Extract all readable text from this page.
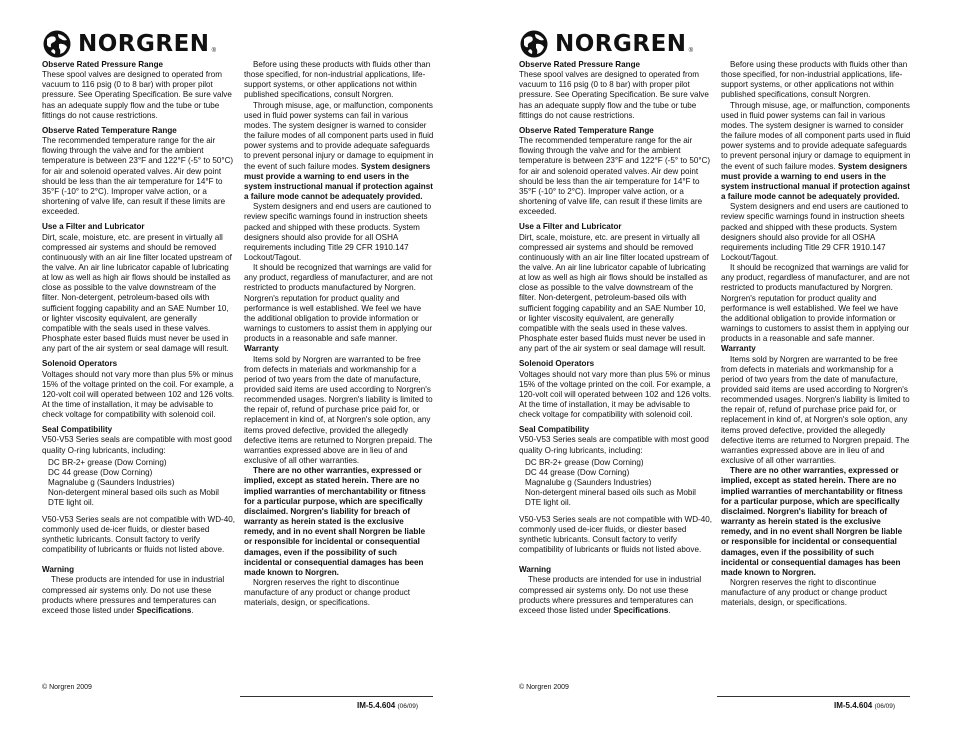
NORGREN ®
Observe Rated Pressure Range
These spool valves are designed to operated from vacuum to 116 psig (0 to 8 bar) with proper pilot pressure. See Operating Specification. Be sure valve has an adequate supply flow and the tube or tube fittings do not cause restrictions.
Observe Rated Temperature Range
The recommended temperature range for the air flowing through the valve and for the ambient temperature is between 23°F and 122°F (-5° to 50°C) for air and solenoid operated valves. Air dew point should be less than the air temperature for 14°F to 35°F (-10° to 2°C). Improper valve action, or a shortening of valve life, can result if these limits are exceeded.
Use a Filter and Lubricator
Dirt, scale, moisture, etc. are present in virtually all compressed air systems and should be removed continuously with an air line filter located upstream of the valve. An air line lubricator capable of lubricating at low as well as high air flows should be installed as close as possible to the valve downstream of the filter. Non-detergent, petroleum-based oils with sufficient fogging capability and an SAE Number 10, or lighter viscosity equivalent, are generally compatible with the seals used in these valves. Phosphate ester based fluids must never be used in any part of the air system or seal damage will result.
Solenoid Operators
Voltages should not vary more than plus 5% or minus 15% of the voltage printed on the coil. For example, a 120-volt coil will operated between 102 and 126 volts. At the time of installation, it may be advisable to check voltage for compatibility with solenoid coil.
Seal Compatibility
V50-V53 Series seals are compatible with most good quality O-ring lubricants, including:
DC BR-2+ grease (Dow Corning)
DC 44 grease (Dow Corning)
Magnalube g (Saunders Industries)
Non-detergent mineral based oils such as Mobil DTE light oil.
V50-V53 Series seals are not compatible with WD-40, commonly used de-icer fluids, or diester based synthetic lubricants. Consult factory to verify compatibility of lubricants or fluids not listed above.
Warning
These products are intended for use in industrial compressed air systems only. Do not use these products where pressures and temperatures can exceed those listed under Specifications.
Before using these products with fluids other than those specified, for non-industrial applications, life-support systems, or other applications not within published specifications, consult Norgren.
Through misuse, age, or malfunction, components used in fluid power systems can fail in various modes. The system designer is warned to consider the failure modes of all component parts used in fluid power systems and to provide adequate safeguards to prevent personal injury or damage to equipment in the event of such failure modes. System designers must provide a warning to end users in the system instructional manual if protection against a failure mode cannot be adequately provided.
System designers and end users are cautioned to review specific warnings found in instruction sheets packed and shipped with these products. System designers should also provide for all OSHA requirements including Title 29 CFR 1910.147 Lockout/Tagout.
It should be recognized that warnings are valid for any product, regardless of manufacturer, and are not restricted to products manufactured by Norgren. Norgren's reputation for product quality and performance is well established. We feel we have the additional obligation to provide information or warnings to customers to assist them in applying our products in a reasonable and safe manner.
Warranty
Items sold by Norgren are warranted to be free from defects in materials and workmanship for a period of two years from the date of manufacture, provided said items are used according to Norgren's recommended usages. Norgren's liability is limited to the repair of, refund of purchase price paid for, or replacement in kind of, at Norgren's sole option, any items proved defective, provided the allegedly defective items are returned to Norgren prepaid. The warranties expressed above are in lieu of and exclusive of all other warranties.
There are no other warranties, expressed or implied, except as stated herein. There are no implied warranties of merchantability or fitness for a particular purpose, which are specifically disclaimed. Norgren's liability for breach of warranty as herein stated is the exclusive remedy, and in no event shall Norgren be liable or responsible for incidental or consequential damages, even if the possibility of such incidental or consequential damages has been made known to Norgren.
Norgren reserves the right to discontinue manufacture of any product or change product materials, design, or specifications.
© Norgren 2009
IM-5.4.604 (06/09)
NORGREN ®
Observe Rated Pressure Range
These spool valves are designed to operated from vacuum to 116 psig (0 to 8 bar) with proper pilot pressure. See Operating Specification. Be sure valve has an adequate supply flow and the tube or tube fittings do not cause restrictions.
Observe Rated Temperature Range
The recommended temperature range for the air flowing through the valve and for the ambient temperature is between 23°F and 122°F (-5° to 50°C) for air and solenoid operated valves. Air dew point should be less than the air temperature for 14°F to 35°F (-10° to 2°C). Improper valve action, or a shortening of valve life, can result if these limits are exceeded.
Use a Filter and Lubricator
Dirt, scale, moisture, etc. are present in virtually all compressed air systems and should be removed continuously with an air line filter located upstream of the valve. An air line lubricator capable of lubricating at low as well as high air flows should be installed as close as possible to the valve downstream of the filter. Non-detergent, petroleum-based oils with sufficient fogging capability and an SAE Number 10, or lighter viscosity equivalent, are generally compatible with the seals used in these valves. Phosphate ester based fluids must never be used in any part of the air system or seal damage will result.
Solenoid Operators
Voltages should not vary more than plus 5% or minus 15% of the voltage printed on the coil. For example, a 120-volt coil will operated between 102 and 126 volts. At the time of installation, it may be advisable to check voltage for compatibility with solenoid coil.
Seal Compatibility
V50-V53 Series seals are compatible with most good quality O-ring lubricants, including:
DC BR-2+ grease (Dow Corning)
DC 44 grease (Dow Corning)
Magnalube g (Saunders Industries)
Non-detergent mineral based oils such as Mobil DTE light oil.
V50-V53 Series seals are not compatible with WD-40, commonly used de-icer fluids, or diester based synthetic lubricants. Consult factory to verify compatibility of lubricants or fluids not listed above.
Warning
These products are intended for use in industrial compressed air systems only. Do not use these products where pressures and temperatures can exceed those listed under Specifications.
Before using these products with fluids other than those specified, for non-industrial applications, life-support systems, or other applications not within published specifications, consult Norgren.
Through misuse, age, or malfunction, components used in fluid power systems can fail in various modes. The system designer is warned to consider the failure modes of all component parts used in fluid power systems and to provide adequate safeguards to prevent personal injury or damage to equipment in the event of such failure modes. System designers must provide a warning to end users in the system instructional manual if protection against a failure mode cannot be adequately provided.
System designers and end users are cautioned to review specific warnings found in instruction sheets packed and shipped with these products. System designers should also provide for all OSHA requirements including Title 29 CFR 1910.147 Lockout/Tagout.
It should be recognized that warnings are valid for any product, regardless of manufacturer, and are not restricted to products manufactured by Norgren. Norgren's reputation for product quality and performance is well established. We feel we have the additional obligation to provide information or warnings to customers to assist them in applying our products in a reasonable and safe manner.
Warranty
Items sold by Norgren are warranted to be free from defects in materials and workmanship for a period of two years from the date of manufacture, provided said items are used according to Norgren's recommended usages. Norgren's liability is limited to the repair of, refund of purchase price paid for, or replacement in kind of, at Norgren's sole option, any items proved defective, provided the allegedly defective items are returned to Norgren prepaid. The warranties expressed above are in lieu of and exclusive of all other warranties.
There are no other warranties, expressed or implied, except as stated herein. There are no implied warranties of merchantability or fitness for a particular purpose, which are specifically disclaimed. Norgren's liability for breach of warranty as herein stated is the exclusive remedy, and in no event shall Norgren be liable or responsible for incidental or consequential damages, even if the possibility of such incidental or consequential damages has been made known to Norgren.
Norgren reserves the right to discontinue manufacture of any product or change product materials, design, or specifications.
© Norgren 2009
IM-5.4.604 (06/09)
